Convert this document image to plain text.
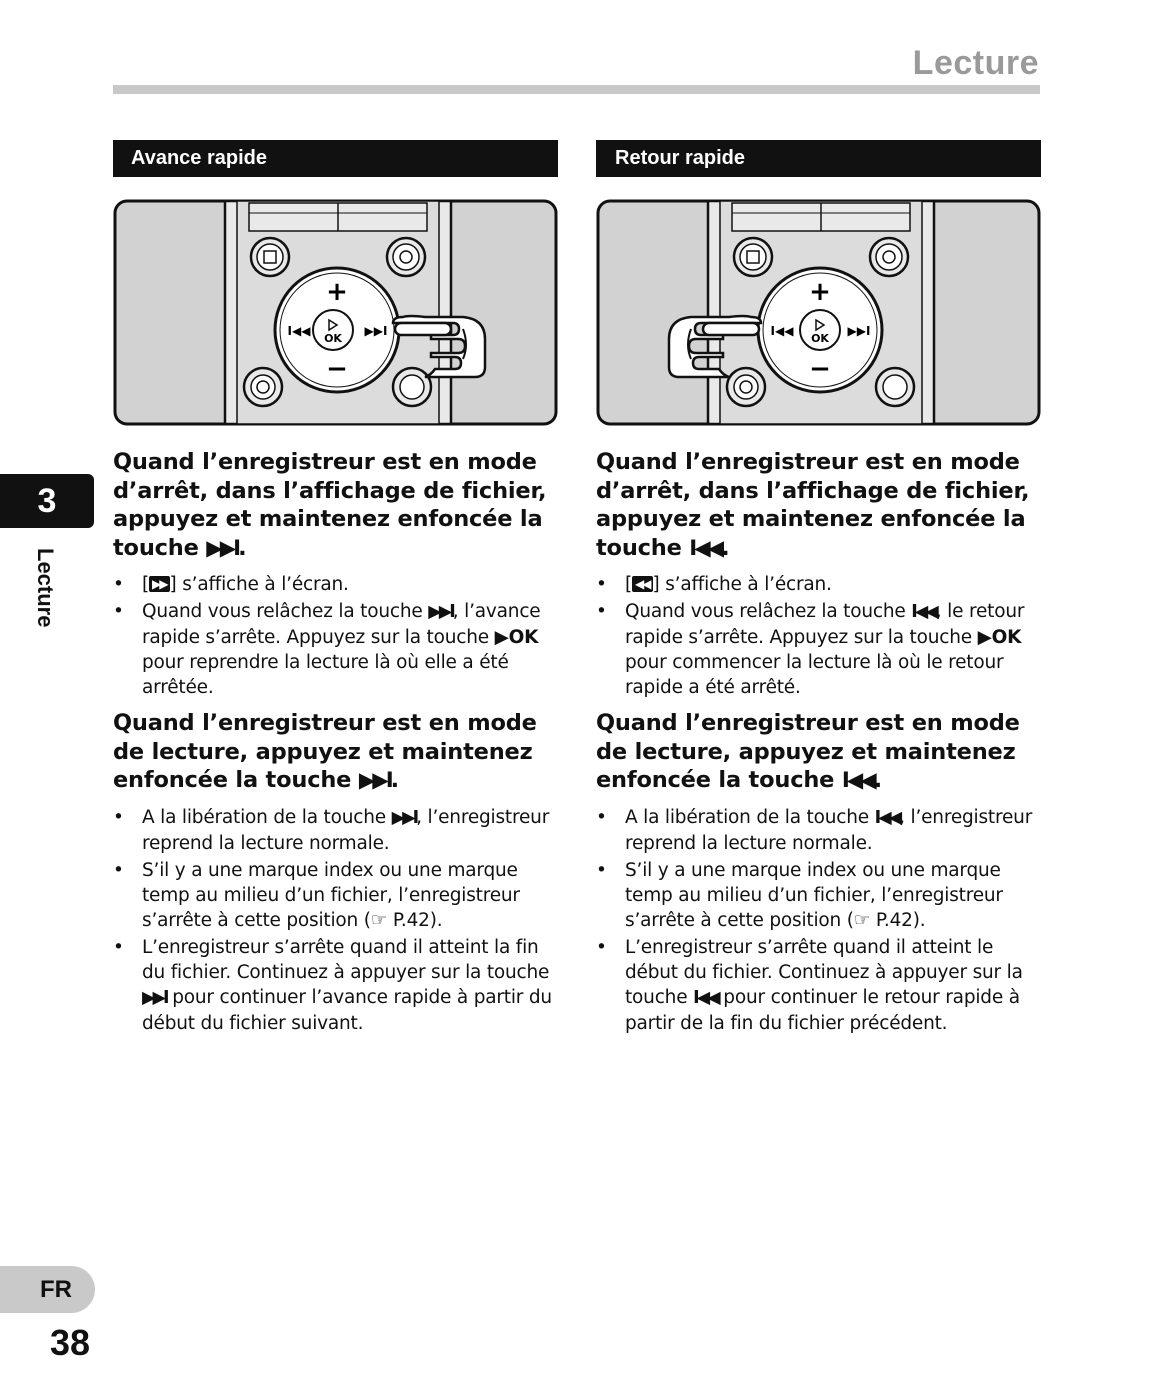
Lecture
Avance rapide
OK
+
−
I◀◀	▶▶I
Quand l’enregistreur est en mode d’arrêt, dans l’affichage de fichier, appuyez et maintenez enfoncée la touche ▶▶I.
• [ ▶▶ ] s’affiche à l’écran.
• Quand vous relâchez la touche ▶▶I, l’avance rapide s’arrête. Appuyez sur la touche ▶OK pour reprendre la lecture là où elle a été arrêtée.
Quand l’enregistreur est en mode de lecture, appuyez et maintenez enfoncée la touche ▶▶I.
• A la libération de la touche ▶▶I, l’enregistreur reprend la lecture normale.
• S’il y a une marque index ou une marque temp au milieu d’un fichier, l’enregistreur s’arrête à cette position (☞ P.42).
• L’enregistreur s’arrête quand il atteint la fin du fichier. Continuez à appuyer sur la touche ▶▶I pour continuer l’avance rapide à partir du début du fichier suivant.
Retour rapide
OK
+
−
I◀◀	▶▶I
Quand l’enregistreur est en mode d’arrêt, dans l’affichage de fichier, appuyez et maintenez enfoncée la touche I◀◀.
• [ ◀◀ ] s’affiche à l’écran.
• Quand vous relâchez la touche I◀◀, le retour rapide s’arrête. Appuyez sur la touche ▶OK pour commencer la lecture là où le retour rapide a été arrêté.
Quand l’enregistreur est en mode de lecture, appuyez et maintenez enfoncée la touche I◀◀.
• A la libération de la touche I◀◀, l’enregistreur reprend la lecture normale.
• S’il y a une marque index ou une marque temp au milieu d’un fichier, l’enregistreur s’arrête à cette position (☞ P.42).
• L’enregistreur s’arrête quand il atteint le début du fichier. Continuez à appuyer sur la touche I◀◀ pour continuer le retour rapide à partir de la fin du fichier précédent.
3
Lecture
FR
38
